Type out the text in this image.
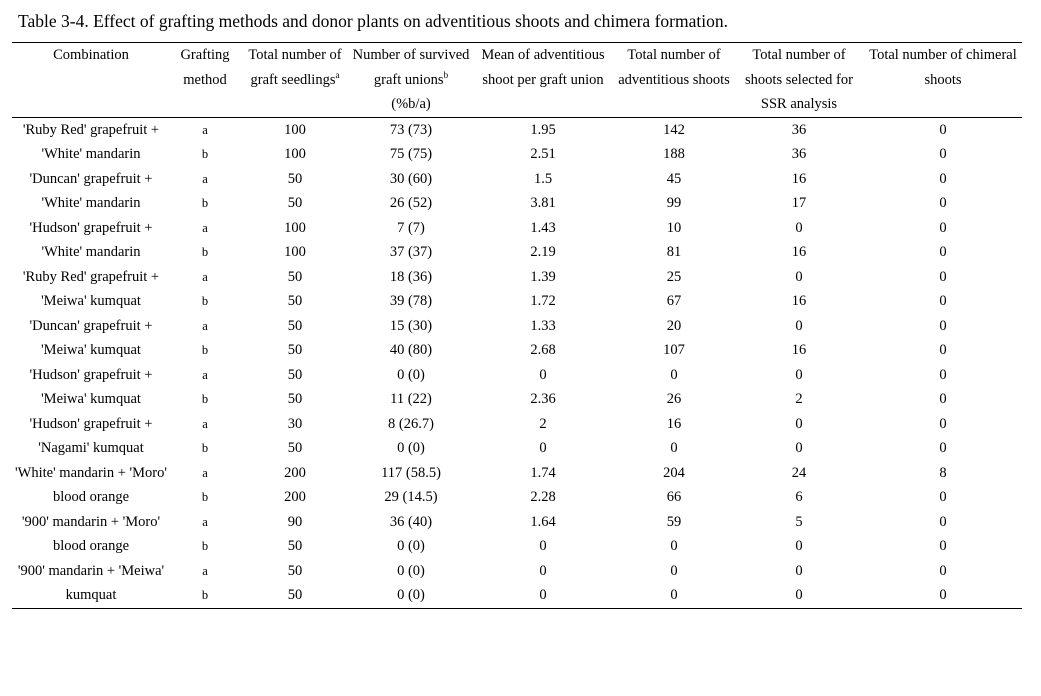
Table 3-4. Effect of grafting methods and donor plants on adventitious shoots and chimera formation.
Combination	Grafting method	Total number of graft seedlings$^a$	Number of survived graft unions$^b$
(%b/a)	Mean of adventitious shoot per graft union	Total number of adventitious shoots	Total number of shoots selected for SSR analysis	Total number of chimeral shoots
'Ruby Red' grapefruit + 'White' mandarin	a	100	73 (73)	1.95	142	36	0
	b	100	75 (75)	2.51	188	36	0
'Duncan' grapefruit + 'White' mandarin	a	50	30 (60)	1.5	45	16	0
	b	50	26 (52)	3.81	99	17	0
'Hudson' grapefruit + 'White' mandarin	a	100	7 (7)	1.43	10	0	0
	b	100	37 (37)	2.19	81	16	0
'Ruby Red' grapefruit + 'Meiwa' kumquat	a	50	18 (36)	1.39	25	0	0
	b	50	39 (78)	1.72	67	16	0
'Duncan' grapefruit + 'Meiwa' kumquat	a	50	15 (30)	1.33	20	0	0
	b	50	40 (80)	2.68	107	16	0
'Hudson' grapefruit + 'Meiwa' kumquat	a	50	0 (0)	0	0	0	0
	b	50	11 (22)	2.36	26	2	0
'Hudson' grapefruit + 'Nagami' kumquat	a	30	8 (26.7)	2	16	0	0
	b	50	0 (0)	0	0	0	0
'White' mandarin + 'Moro' blood orange	a	200	117 (58.5)	1.74	204	24	8
	b	200	29 (14.5)	2.28	66	6	0
'900' mandarin + 'Moro' blood orange	a	90	36 (40)	1.64	59	5	0
	b	50	0 (0)	0	0	0	0
'900' mandarin + 'Meiwa' kumquat	a	50	0 (0)	0	0	0	0
	b	50	0 (0)	0	0	0	0
